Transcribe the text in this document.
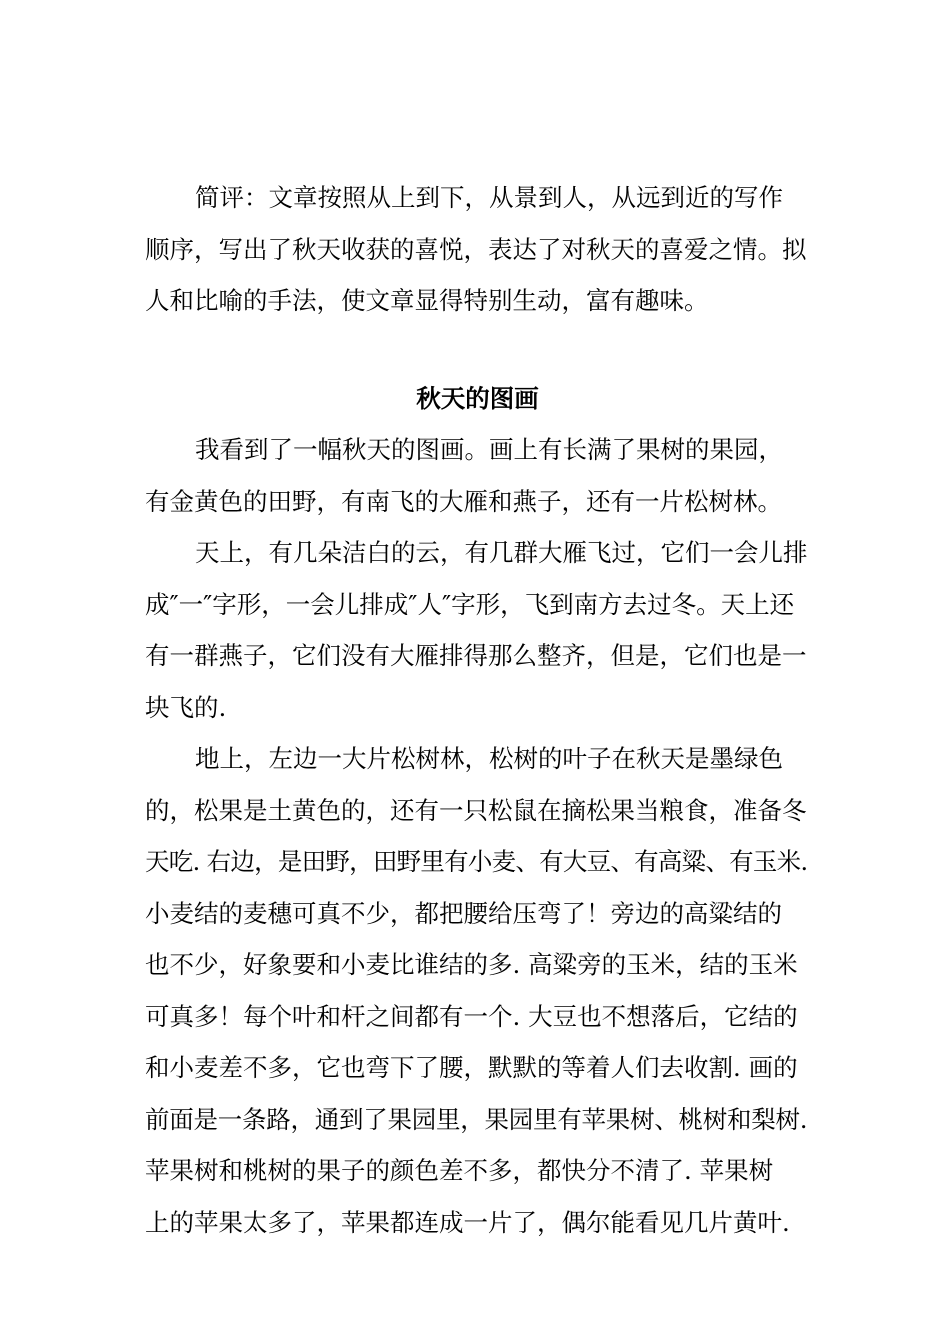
简评：文章按照从上到下，从景到人，从远到近的写作
顺序，写出了秋天收获的喜悦，表达了对秋天的喜爱之情。拟
人和比喻的手法，使文章显得特别生动，富有趣味。
秋天的图画
我看到了一幅秋天的图画。画上有长满了果树的果园，
有金黄色的田野，有南飞的大雁和燕子，还有一片松树林。
天上，有几朵洁白的云，有几群大雁飞过，它们一会儿排
成″一″字形，一会儿排成″人″字形，飞到南方去过冬。天上还
有一群燕子，它们没有大雁排得那么整齐，但是，它们也是一
块飞的.
地上，左边一大片松树林，松树的叶子在秋天是墨绿色
的，松果是土黄色的，还有一只松鼠在摘松果当粮食，准备冬
天吃. 右边，是田野，田野里有小麦、有大豆、有高粱、有玉米.
小麦结的麦穗可真不少，都把腰给压弯了！旁边的高粱结的
也不少，好象要和小麦比谁结的多. 高粱旁的玉米，结的玉米
可真多！每个叶和杆之间都有一个. 大豆也不想落后，它结的
和小麦差不多，它也弯下了腰，默默的等着人们去收割. 画的
前面是一条路，通到了果园里，果园里有苹果树、桃树和梨树.
苹果树和桃树的果子的颜色差不多，都快分不清了. 苹果树
上的苹果太多了，苹果都连成一片了，偶尔能看见几片黄叶.
